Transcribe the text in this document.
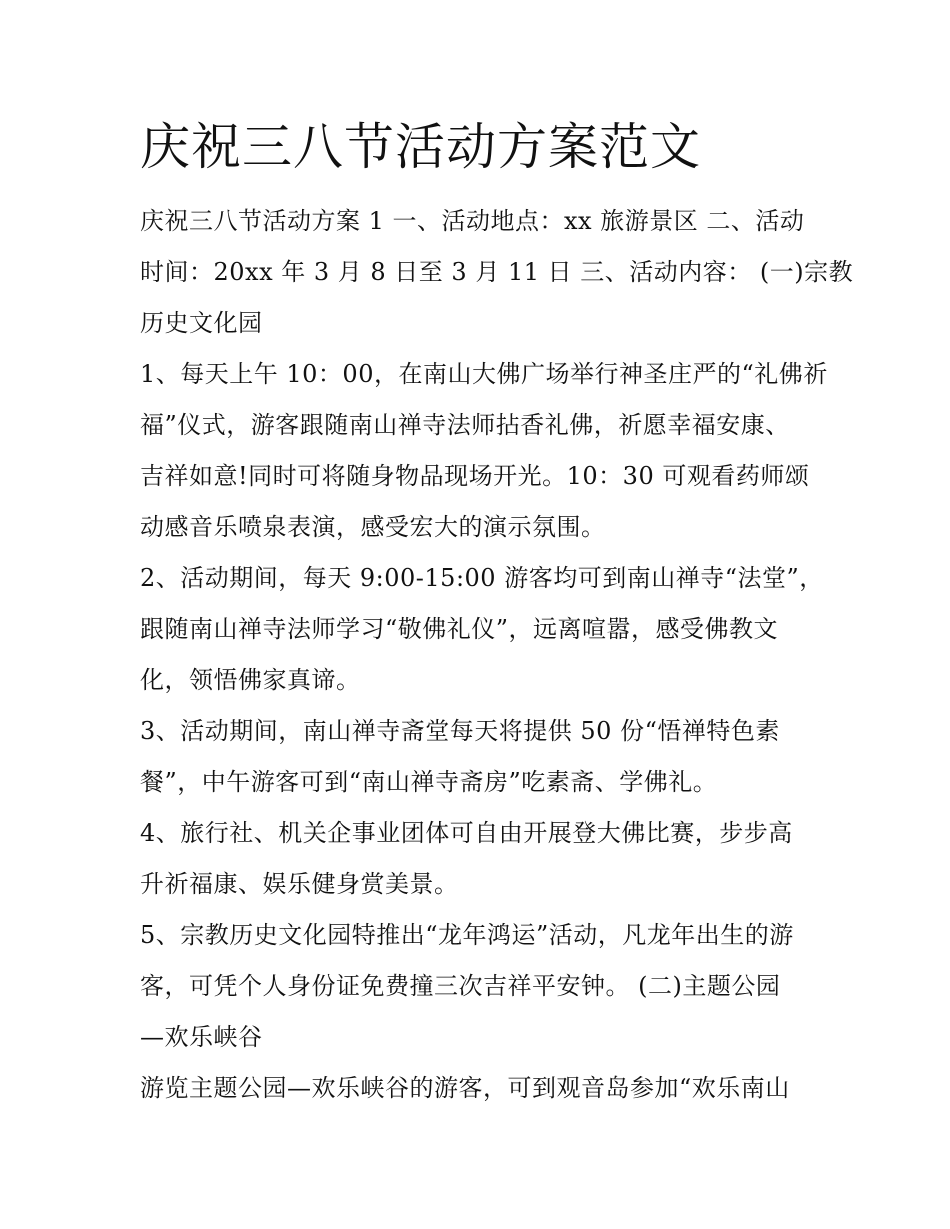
庆祝三八节活动方案范文
庆祝三八节活动方案 1 一、活动地点：xx 旅游景区 二、活动
时间：20xx 年 3 月 8 日至 3 月 11 日 三、活动内容： (一)宗教
历史文化园
1、每天上午 10：00，在南山大佛广场举行神圣庄严的“礼佛祈
福”仪式，游客跟随南山禅寺法师拈香礼佛，祈愿幸福安康、
吉祥如意!同时可将随身物品现场开光。10：30 可观看药师颂
动感音乐喷泉表演，感受宏大的演示氛围。
2、活动期间，每天 9:00-15:00 游客均可到南山禅寺“法堂”，
跟随南山禅寺法师学习“敬佛礼仪”，远离喧嚣，感受佛教文
化，领悟佛家真谛。
3、活动期间，南山禅寺斋堂每天将提供 50 份“悟禅特色素
餐”，中午游客可到“南山禅寺斋房”吃素斋、学佛礼。
4、旅行社、机关企事业团体可自由开展登大佛比赛，步步高
升祈福康、娱乐健身赏美景。
5、宗教历史文化园特推出“龙年鸿运”活动，凡龙年出生的游
客，可凭个人身份证免费撞三次吉祥平安钟。 (二)主题公园
—欢乐峡谷
游览主题公园—欢乐峡谷的游客，可到观音岛参加“欢乐南山
